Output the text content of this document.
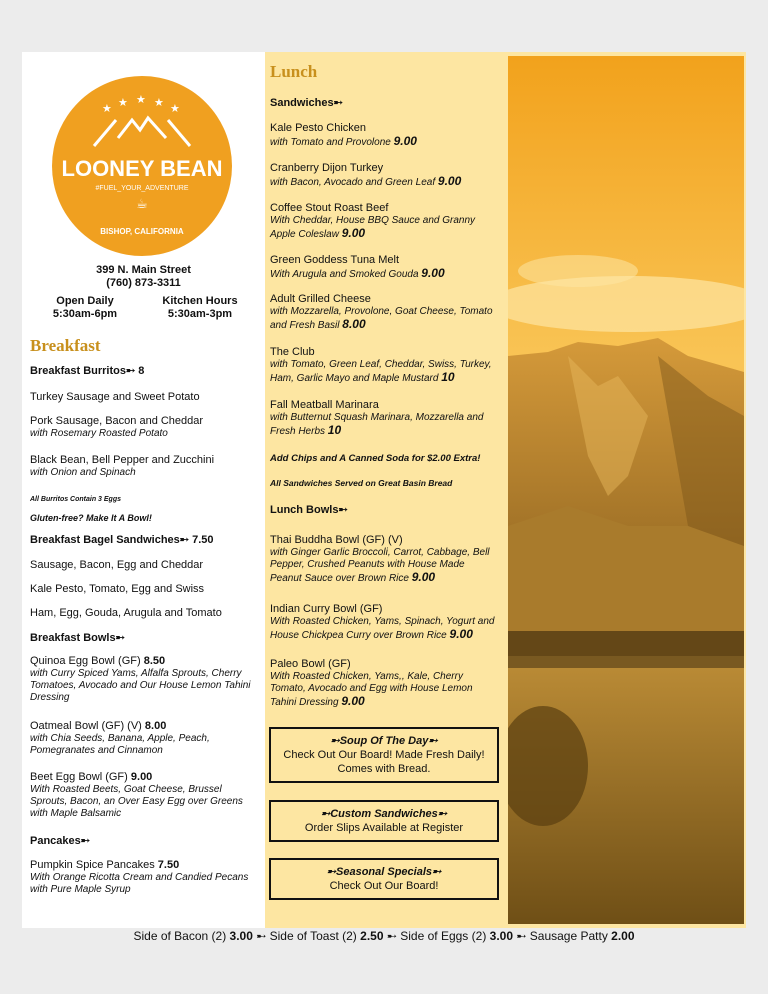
★ ★ ★ ★ ★
LOONEY BEAN
#FUEL_YOUR_ADVENTURE
☕
BISHOP, CALIFORNIA
399 N. Main Street
(760) 873-3311
Open Daily
5:30am-6pm
Kitchen Hours
5:30am-3pm
Breakfast
Breakfast Burritos➸ 8
Turkey Sausage and Sweet Potato
Pork Sausage, Bacon and Cheddar
with Rosemary Roasted Potato
Black Bean, Bell Pepper and Zucchini
with Onion and Spinach
All Burritos Contain 3 Eggs
Gluten-free? Make It A Bowl!
Breakfast Bagel Sandwiches➸ 7.50
Sausage, Bacon, Egg and Cheddar
Kale Pesto, Tomato, Egg and Swiss
Ham, Egg, Gouda, Arugula and Tomato
Breakfast Bowls➸
Quinoa Egg Bowl (GF) 8.50
with Curry Spiced Yams, Alfalfa Sprouts, Cherry Tomatoes, Avocado and Our House Lemon Tahini Dressing
Oatmeal Bowl (GF) (V) 8.00
with Chia Seeds, Banana, Apple, Peach, Pomegranates and Cinnamon
Beet Egg Bowl (GF) 9.00
With Roasted Beets, Goat Cheese, Brussel Sprouts, Bacon, an Over Easy Egg over Greens with Maple Balsamic
Pancakes➸
Pumpkin Spice Pancakes 7.50
With Orange Ricotta Cream and Candied Pecans with Pure Maple Syrup
Lunch
Sandwiches➸
Kale Pesto Chicken
with Tomato and Provolone 9.00
Cranberry Dijon Turkey
with Bacon, Avocado and Green Leaf 9.00
Coffee Stout Roast Beef
With Cheddar, House BBQ Sauce and Granny Apple Coleslaw 9.00
Green Goddess Tuna Melt
With Arugula and Smoked Gouda 9.00
Adult Grilled Cheese
with Mozzarella, Provolone, Goat Cheese, Tomato and Fresh Basil 8.00
The Club
with Tomato, Green Leaf, Cheddar, Swiss, Turkey, Ham, Garlic Mayo and Maple Mustard 10
Fall Meatball Marinara
with Butternut Squash Marinara, Mozzarella and Fresh Herbs 10
Add Chips and A Canned Soda for $2.00 Extra!
All Sandwiches Served on Great Basin Bread
Lunch Bowls➸
Thai Buddha Bowl (GF) (V)
with Ginger Garlic Broccoli, Carrot, Cabbage, Bell Pepper, Crushed Peanuts with House Made Peanut Sauce over Brown Rice 9.00
Indian Curry Bowl (GF)
With Roasted Chicken, Yams, Spinach, Yogurt and House Chickpea Curry over Brown Rice 9.00
Paleo Bowl (GF)
With Roasted Chicken, Yams,, Kale, Cherry Tomato, Avocado and Egg with House Lemon Tahini Dressing 9.00
➸Soup Of The Day➸
Check Out Our Board! Made Fresh Daily!
Comes with Bread.
➸Custom Sandwiches➸
Order Slips Available at Register
➸Seasonal Specials➸
Check Out Our Board!
Side of Bacon (2) 3.00 ➸ Side of Toast (2) 2.50 ➸ Side of Eggs (2) 3.00 ➸ Sausage Patty 2.00
